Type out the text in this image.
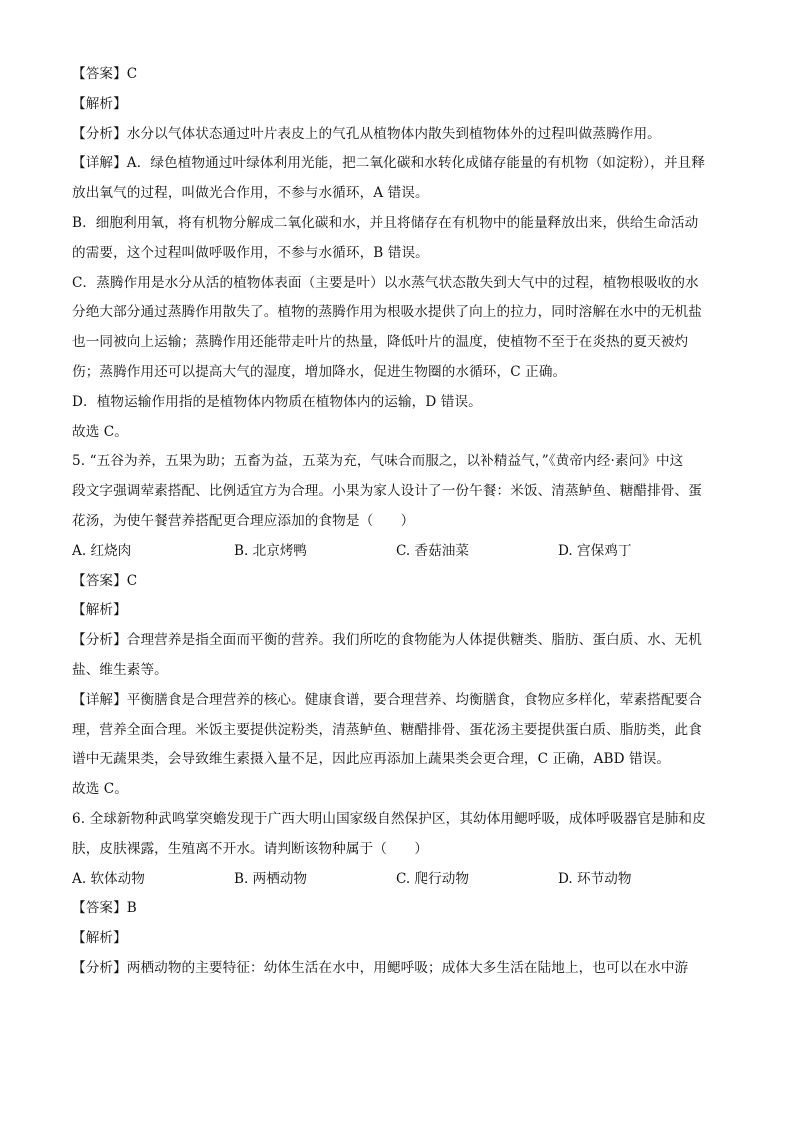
【答案】C

【解析】

【分析】水分以气体状态通过叶片表皮上的气孔从植物体内散失到植物体外的过程叫做蒸腾作用。

【详解】A．绿色植物通过叶绿体利用光能，把二氧化碳和水转化成储存能量的有机物（如淀粉），并且释

放出氧气的过程，叫做光合作用，不参与水循环，A 错误。

B．细胞利用氧，将有机物分解成二氧化碳和水，并且将储存在有机物中的能量释放出来，供给生命活动

的需要，这个过程叫做呼吸作用，不参与水循环，B 错误。

C．蒸腾作用是水分从活的植物体表面（主要是叶）以水蒸气状态散失到大气中的过程，植物根吸收的水

分绝大部分通过蒸腾作用散失了。植物的蒸腾作用为根吸水提供了向上的拉力，同时溶解在水中的无机盐

也一同被向上运输；蒸腾作用还能带走叶片的热量，降低叶片的温度，使植物不至于在炎热的夏天被灼

伤；蒸腾作用还可以提高大气的湿度，增加降水，促进生物圈的水循环，C 正确。

D．植物运输作用指的是植物体内物质在植物体内的运输，D 错误。

故选 C。

5. “五谷为养，五果为助；五畜为益，五菜为充，气味合而服之，以补精益气，”《黄帝内经·素问》中这

段文字强调荤素搭配、比例适宜方为合理。小果为家人设计了一份午餐：米饭、清蒸鲈鱼、糖醋排骨、蛋

花汤，为使午餐营养搭配更合理应添加的食物是（　　）

A. 红烧肉	B. 北京烤鸭	C. 香菇油菜	D. 宫保鸡丁

【答案】C

【解析】

【分析】合理营养是指全面而平衡的营养。我们所吃的食物能为人体提供糖类、脂肪、蛋白质、水、无机

盐、维生素等。

【详解】平衡膳食是合理营养的核心。健康食谱，要合理营养、均衡膳食，食物应多样化，荤素搭配要合

理，营养全面合理。米饭主要提供淀粉类，清蒸鲈鱼、糖醋排骨、蛋花汤主要提供蛋白质、脂肪类，此食

谱中无蔬果类，会导致维生素摄入量不足，因此应再添加上蔬果类会更合理，C 正确，ABD 错误。

故选 C。

6. 全球新物种武鸣掌突蟾发现于广西大明山国家级自然保护区，其幼体用鳃呼吸，成体呼吸器官是肺和皮

肤，皮肤裸露，生殖离不开水。请判断该物种属于（　　）

A. 软体动物	B. 两栖动物	C. 爬行动物	D. 环节动物

【答案】B

【解析】

【分析】两栖动物的主要特征：幼体生活在水中，用鳃呼吸；成体大多生活在陆地上，也可以在水中游
